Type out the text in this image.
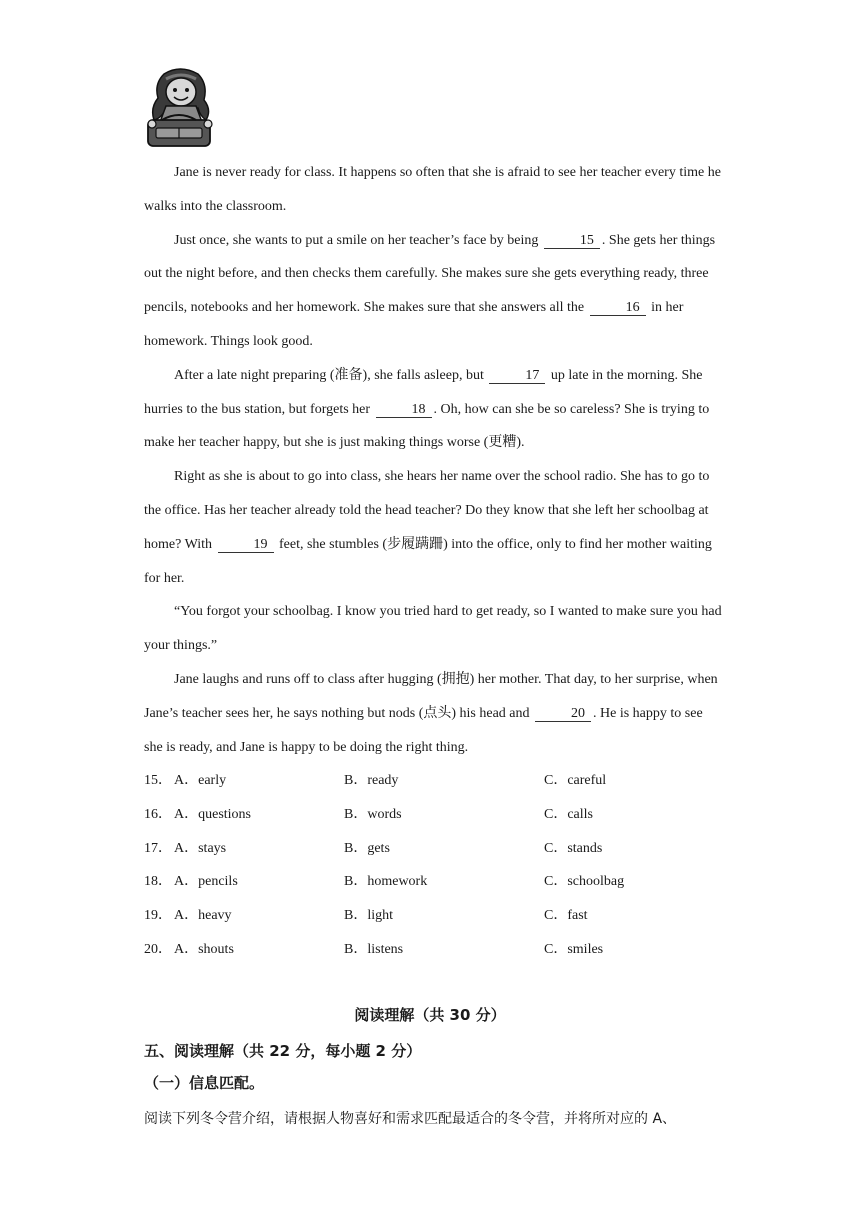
Jane is never ready for class. It happens so often that she is afraid to see her teacher every time he walks into the classroom.

Just once, she wants to put a smile on her teacher’s face by being	15 . She gets her things out the night before, and then checks them carefully. She makes sure she gets everything ready, three pencils, notebooks and her homework. She makes sure that she answers all the	16 in her homework. Things look good.

After a late night preparing (准备), she falls asleep, but	17 up late in the morning. She hurries to the bus station, but forgets her	18 . Oh, how can she be so careless? She is trying to make her teacher happy, but she is just making things worse (更糟).

Right as she is about to go into class, she hears her name over the school radio. She has to go to the office. Has her teacher already told the head teacher? Do they know that she left her schoolbag at home? With	19 feet, she stumbles (步履蹒跚) into the office, only to find her mother waiting for her.

“You forgot your schoolbag. I know you tried hard to get ready, so I wanted to make sure you had your things.”

Jane laughs and runs off to class after hugging (拥抱) her mother. That day, to her surprise, when Jane’s teacher sees her, he says nothing but nods (点头) his head and	20 . He is happy to see she is ready, and Jane is happy to be doing the right thing.

15． A．early	B．ready	C．careful
16． A．questions	B．words	C．calls
17． A．stays	B．gets	C．stands
18． A．pencils	B．homework	C．schoolbag
19． A．heavy	B．light	C．fast
20． A．shouts	B．listens	C．smiles
阅读理解（共 30 分）
五、阅读理解（共 22 分，每小题 2 分）
（一）信息匹配。
阅读下列冬令营介绍，请根据人物喜好和需求匹配最适合的冬令营，并将所对应的 A、
